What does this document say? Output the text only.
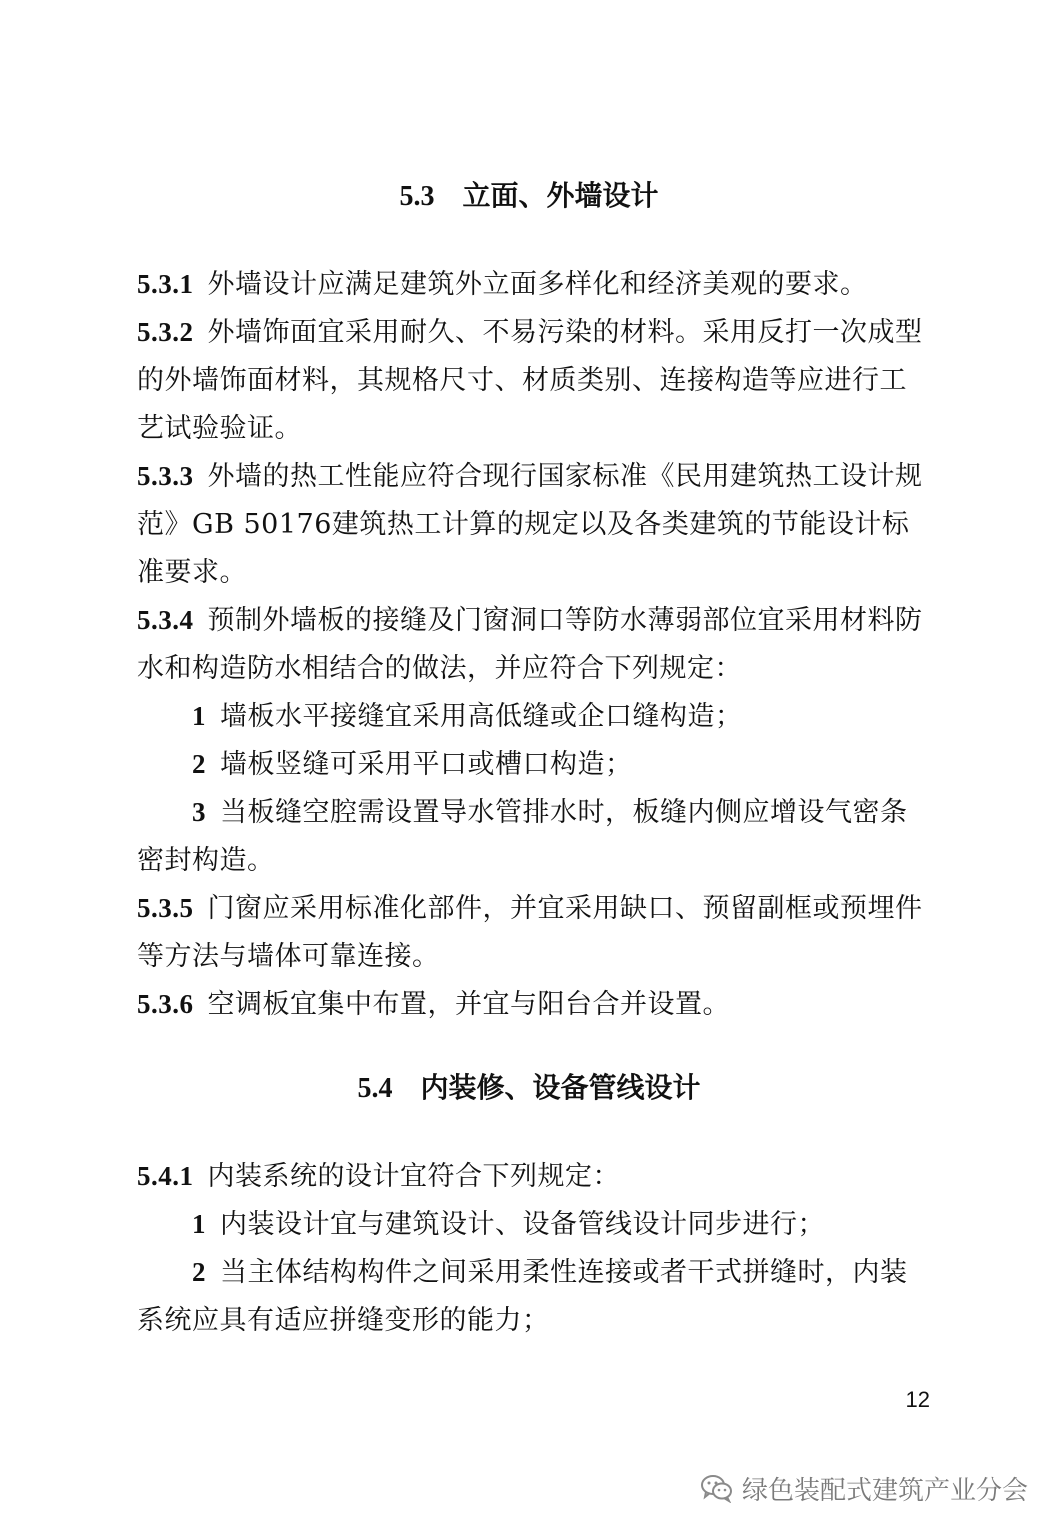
5.3 立面、外墙设计
5.3.1 外墙设计应满足建筑外立面多样化和经济美观的要求。
5.3.2 外墙饰面宜采用耐久、不易污染的材料。采用反打一次成型的外墙饰面材料，其规格尺寸、材质类别、连接构造等应进行工艺试验验证。
5.3.3 外墙的热工性能应符合现行国家标准《民用建筑热工设计规范》GB 50176建筑热工计算的规定以及各类建筑的节能设计标准要求。
5.3.4 预制外墙板的接缝及门窗洞口等防水薄弱部位宜采用材料防水和构造防水相结合的做法，并应符合下列规定：
1 墙板水平接缝宜采用高低缝或企口缝构造；
2 墙板竖缝可采用平口或槽口构造；
3 当板缝空腔需设置导水管排水时，板缝内侧应增设气密条密封构造。
5.3.5 门窗应采用标准化部件，并宜采用缺口、预留副框或预埋件等方法与墙体可靠连接。
5.3.6 空调板宜集中布置，并宜与阳台合并设置。
5.4 内装修、设备管线设计
5.4.1 内装系统的设计宜符合下列规定：
1 内装设计宜与建筑设计、设备管线设计同步进行；
2 当主体结构构件之间采用柔性连接或者干式拼缝时，内装系统应具有适应拼缝变形的能力；
12
绿色装配式建筑产业分会
